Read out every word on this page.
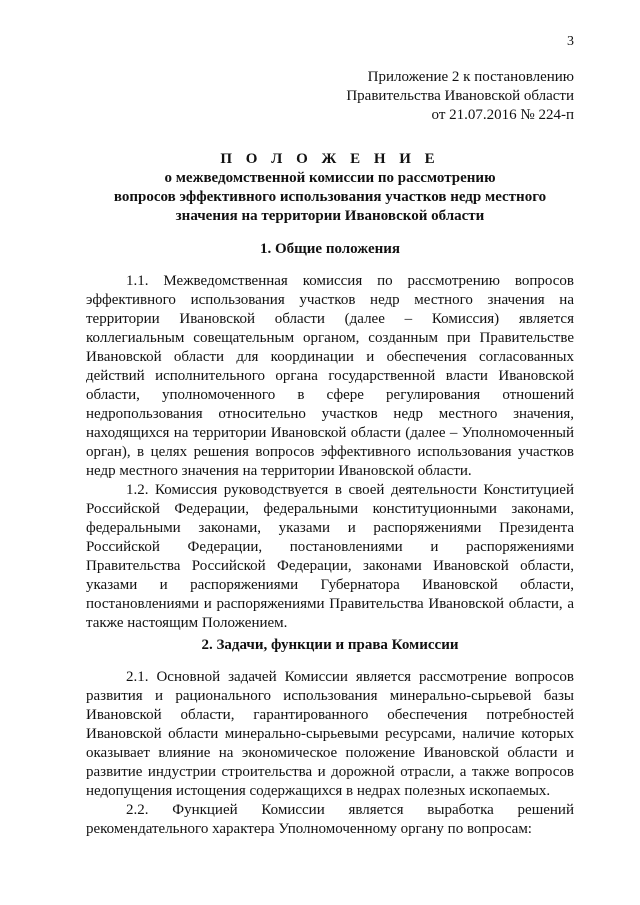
3
Приложение 2 к постановлению
Правительства Ивановской области
от 21.07.2016 № 224-п
П О Л О Ж Е Н И Е
о межведомственной комиссии по рассмотрению
вопросов эффективного использования участков недр местного
значения на территории Ивановской области
1. Общие положения

1.1. Межведомственная комиссия по рассмотрению вопросов эффективного использования участков недр местного значения на территории Ивановской области (далее – Комиссия) является коллегиальным совещательным органом, созданным при Правительстве Ивановской области для координации и обеспечения согласованных действий исполнительного органа государственной власти Ивановской области, уполномоченного в сфере регулирования отношений недропользования относительно участков недр местного значения, находящихся на территории Ивановской области (далее – Уполномоченный орган), в целях решения вопросов эффективного использования участков недр местного значения на территории Ивановской области.

1.2. Комиссия руководствуется в своей деятельности Конституцией Российской Федерации, федеральными конституционными законами, федеральными законами, указами и распоряжениями Президента Российской Федерации, постановлениями и распоряжениями Правительства Российской Федерации, законами Ивановской области, указами и распоряжениями Губернатора Ивановской области, постановлениями и распоряжениями Правительства Ивановской области, а также настоящим Положением.

2. Задачи, функции и права Комиссии

2.1. Основной задачей Комиссии является рассмотрение вопросов развития и рационального использования минерально-сырьевой базы Ивановской области, гарантированного обеспечения потребностей Ивановской области минерально-сырьевыми ресурсами, наличие которых оказывает влияние на экономическое положение Ивановской области и развитие индустрии строительства и дорожной отрасли, а также вопросов недопущения истощения содержащихся в недрах полезных ископаемых.

2.2. Функцией Комиссии является выработка решений рекомендательного характера Уполномоченному органу по вопросам:
